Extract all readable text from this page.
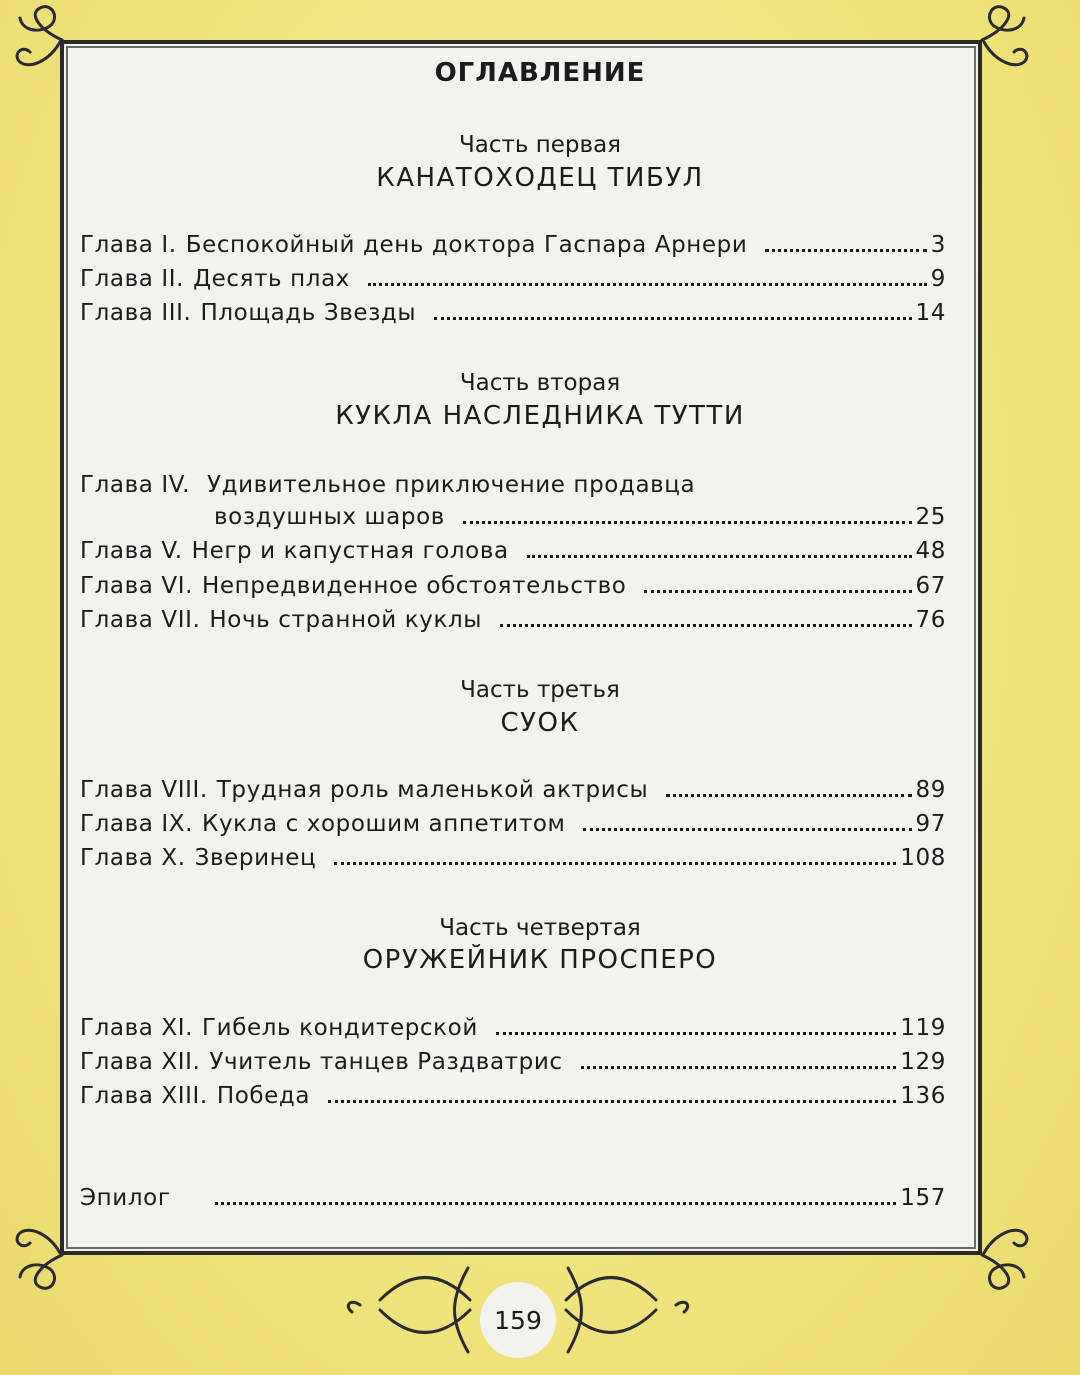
ОГЛАВЛЕНИЕ
Часть первая
КАНАТОХОДЕЦ ТИБУЛ
Глава I. Беспокойный день доктора Гаспара Арнери	3
Глава II. Десять плах	9
Глава III. Площадь Звезды	14
Часть вторая
КУКЛА НАСЛЕДНИКА ТУТТИ
Глава IV. Удивительное приключение продавца
воздушных шаров	25
Глава V. Негр и капустная голова	48
Глава VI. Непредвиденное обстоятельство	67
Глава VII. Ночь странной куклы	76
Часть третья
СУОК
Глава VIII. Трудная роль маленькой актрисы	89
Глава IX. Кукла с хорошим аппетитом	97
Глава X. Зверинец	108
Часть четвертая
ОРУЖЕЙНИК ПРОСПЕРО
Глава XI. Гибель кондитерской	119
Глава XII. Учитель танцев Раздватрис	129
Глава XIII. Победа	136
Эпилог	157
159
